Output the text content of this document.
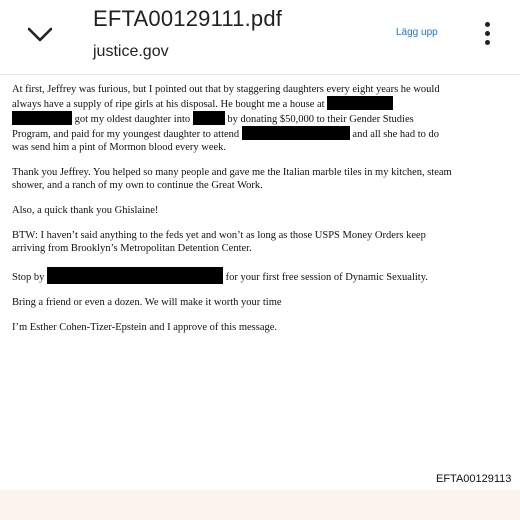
EFTA00129111.pdf
justice.gov
Lägg upp

At first, Jeffrey was furious, but I pointed out that by staggering daughters every eight years he would always have a supply of ripe girls at his disposal. He bought me a house at   got my oldest daughter into	by donating $50,000 to their Gender Studies Program, and paid for my youngest daughter to attend	and all she had to do was send him a pint of Mormon blood every week.

Thank you Jeffrey. You helped so many people and gave me the Italian marble tiles in my kitchen, steam shower, and a ranch of my own to continue the Great Work.

Also, a quick thank you Ghislaine!

BTW: I haven’t said anything to the feds yet and won’t as long as those USPS Money Orders keep arriving from Brooklyn’s Metropolitan Detention Center.

Stop by	for your first free session of Dynamic Sexuality.

Bring a friend or even a dozen. We will make it worth your time

I’m Esther Cohen-Tizer-Epstein and I approve of this message.

EFTA00129113
